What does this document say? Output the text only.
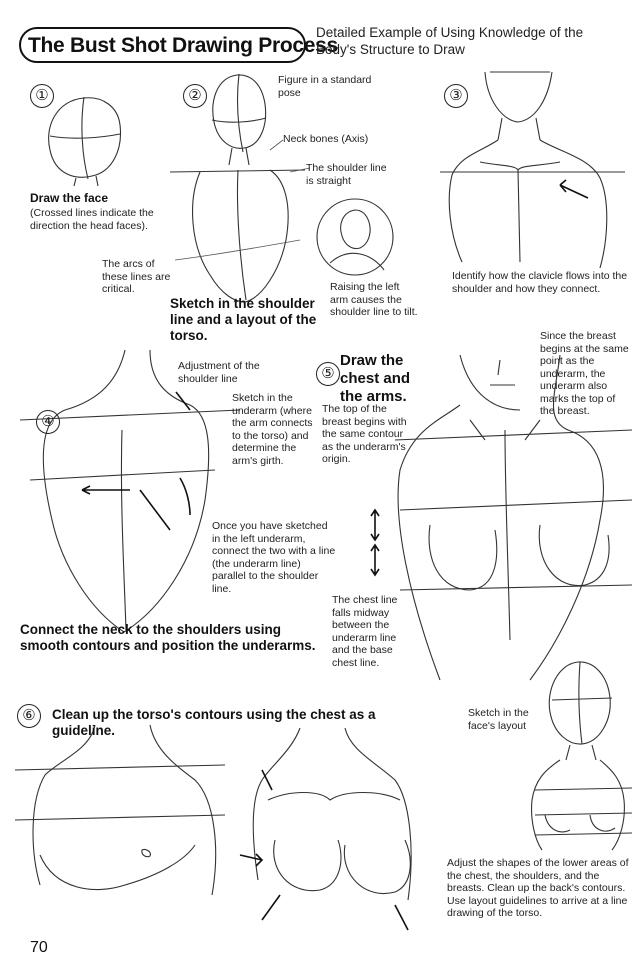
The Bust Shot Drawing Process
Detailed Example of Using Knowledge of the Body's Structure to Draw
①
Draw the face
(Crossed lines indicate the direction the head faces).
②
Figure in a standard pose
Neck bones (Axis)
The shoulder line is straight
The arcs of these lines are critical.	Raising the left arm causes the shoulder line to tilt.
Sketch in the shoulder line and a layout of the torso.
③
Identify how the clavicle flows into the shoulder and how they connect.
④
Adjustment of the shoulder line
Sketch in the underarm (where the arm connects to the torso) and determine the arm's girth.
Once you have sketched in the left underarm, connect the two with a line (the underarm line) parallel to the shoulder line.
Connect the neck to the shoulders using smooth contours and position the underarms.
⑤
Draw the chest and the arms.
The top of the breast begins with the same contour as the underarm's origin.
Since the breast begins at the same point as the underarm, the underarm also marks the top of the breast.
The chest line falls midway between the underarm line and the base chest line.
⑥	Clean up the torso's contours using the chest as a guideline.
Sketch in the face's layout
Adjust the shapes of the lower areas of the chest, the shoulders, and the breasts. Clean up the back's contours. Use layout guidelines to arrive at a line drawing of the torso.
70
